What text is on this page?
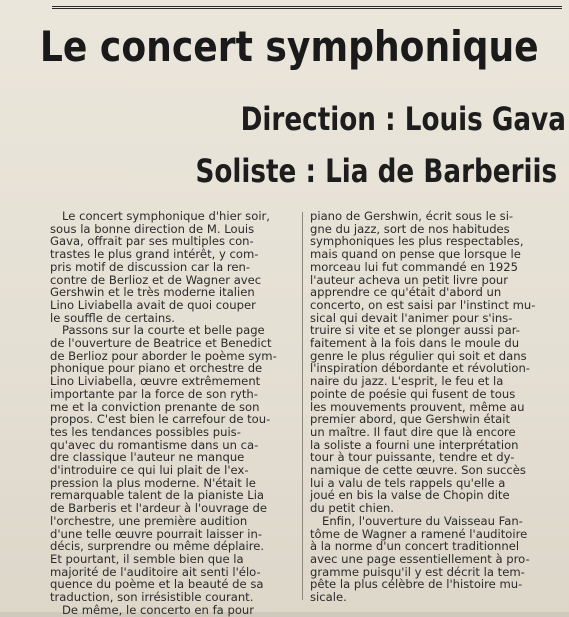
Le concert symphonique
Direction : Louis Gava
Soliste : Lia de Barberiis
Le concert symphonique d'hier soir,
sous la bonne direction de M. Louis
Gava, offrait par ses multiples con-
trastes le plus grand intérêt, y com-
pris motif de discussion car la ren-
contre de Berlioz et de Wagner avec
Gershwin et le très moderne italien
Lino Liviabella avait de quoi couper
le souffle de certains.
Passons sur la courte et belle page
de l'ouverture de Beatrice et Benedict
de Berlioz pour aborder le poème sym-
phonique pour piano et orchestre de
Lino Liviabella, œuvre extrêmement
importante par la force de son ryth-
me et la conviction prenante de son
propos. C'est bien le carrefour de tou-
tes les tendances possibles puis-
qu'avec du romantisme dans un ca-
dre classique l'auteur ne manque
d'introduire ce qui lui plait de l'ex-
pression la plus moderne. N'était le
remarquable talent de la pianiste Lia
de Barberis et l'ardeur à l'ouvrage de
l'orchestre, une première audition
d'une telle œuvre pourrait laisser in-
décis, surprendre ou même déplaire.
Et pourtant, il semble bien que la
majorité de l'auditoire ait senti l'élo-
quence du poème et la beauté de sa
traduction, son irrésistible courant.
De même, le concerto en fa pour
piano de Gershwin, écrit sous le si-
gne du jazz, sort de nos habitudes
symphoniques les plus respectables,
mais quand on pense que lorsque le
morceau lui fut commandé en 1925
l'auteur acheva un petit livre pour
apprendre ce qu'était d'abord un
concerto, on est saisi par l'instinct mu-
sical qui devait l'animer pour s'ins-
truire si vite et se plonger aussi par-
faitement à la fois dans le moule du
genre le plus régulier qui soit et dans
l'inspiration débordante et révolution-
naire du jazz. L'esprit, le feu et la
pointe de poésie qui fusent de tous
les mouvements prouvent, même au
premier abord, que Gershwin était
un maître. Il faut dire que là encore
la soliste a fourni une interprétation
tour à tour puissante, tendre et dy-
namique de cette œuvre. Son succès
lui a valu de tels rappels qu'elle a
joué en bis la valse de Chopin dite
du petit chien.
Enfin, l'ouverture du Vaisseau Fan-
tôme de Wagner a ramené l'auditoire
à la norme d'un concert traditionnel
avec une page essentiellement à pro-
gramme puisqu'il y est décrit la tem-
pête la plus célèbre de l'histoire mu-
sicale.
